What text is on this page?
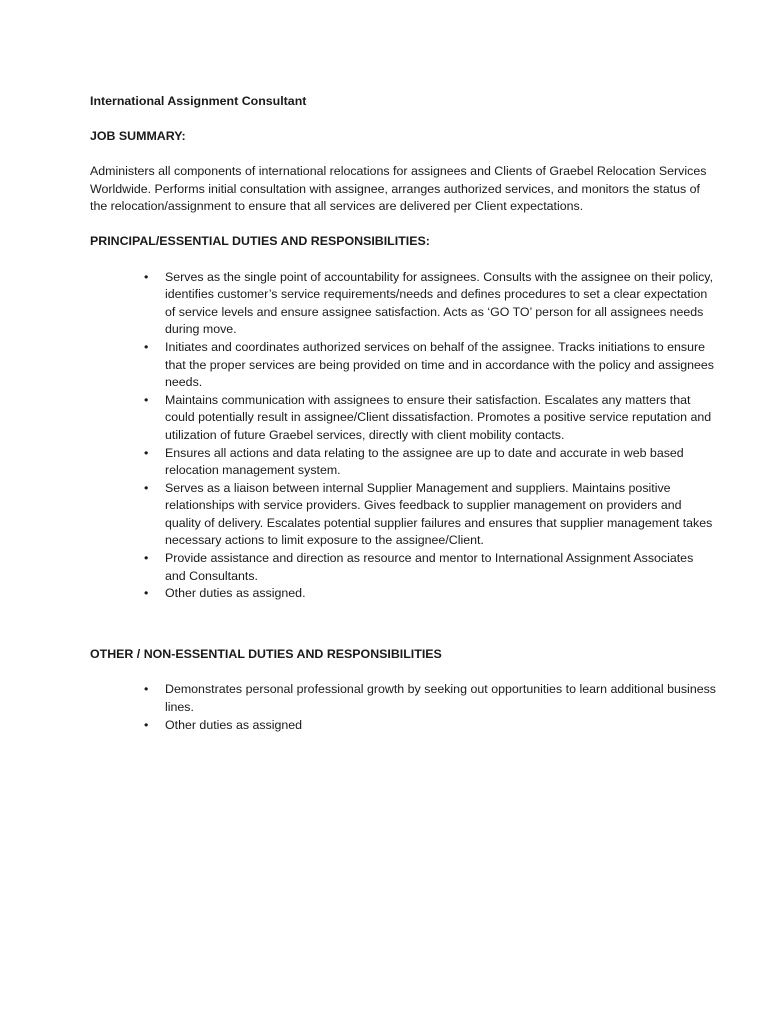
International Assignment Consultant

JOB SUMMARY:

Administers all components of international relocations for assignees and Clients of Graebel Relocation Services Worldwide. Performs initial consultation with assignee, arranges authorized services, and monitors the status of the relocation/assignment to ensure that all services are delivered per Client expectations.

PRINCIPAL/ESSENTIAL DUTIES AND RESPONSIBILITIES:

• Serves as the single point of accountability for assignees. Consults with the assignee on their policy, identifies customer’s service requirements/needs and defines procedures to set a clear expectation of service levels and ensure assignee satisfaction. Acts as ‘GO TO’ person for all assignees needs during move.
• Initiates and coordinates authorized services on behalf of the assignee. Tracks initiations to ensure that the proper services are being provided on time and in accordance with the policy and assignees needs.
• Maintains communication with assignees to ensure their satisfaction. Escalates any matters that could potentially result in assignee/Client dissatisfaction. Promotes a positive service reputation and utilization of future Graebel services, directly with client mobility contacts.
• Ensures all actions and data relating to the assignee are up to date and accurate in web based relocation management system.
• Serves as a liaison between internal Supplier Management and suppliers. Maintains positive relationships with service providers. Gives feedback to supplier management on providers and quality of delivery. Escalates potential supplier failures and ensures that supplier management takes necessary actions to limit exposure to the assignee/Client.
• Provide assistance and direction as resource and mentor to International Assignment Associates and Consultants.
• Other duties as assigned.

OTHER / NON-ESSENTIAL DUTIES AND RESPONSIBILITIES

• Demonstrates personal professional growth by seeking out opportunities to learn additional business lines.
• Other duties as assigned
